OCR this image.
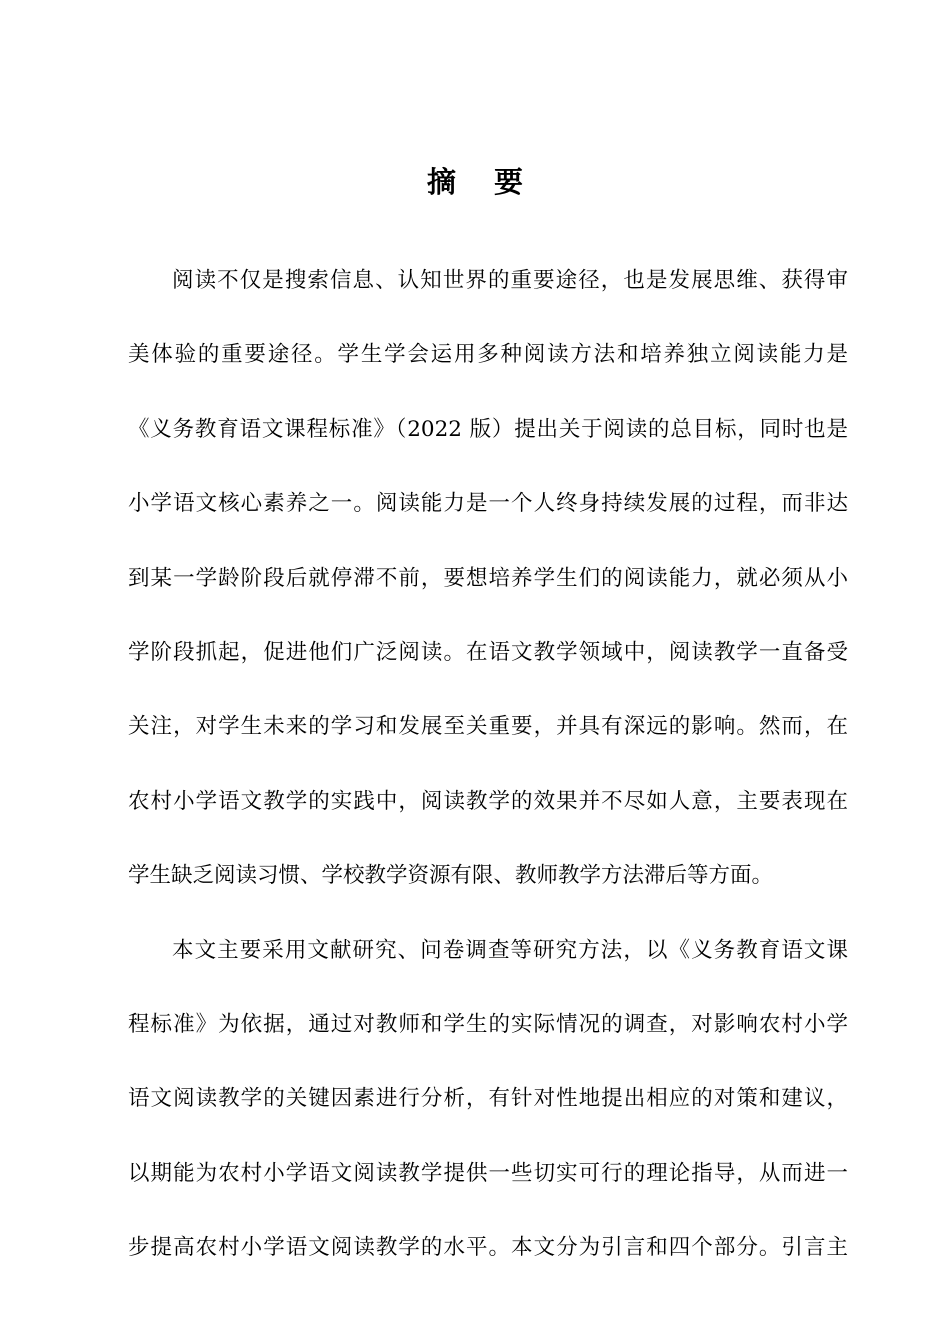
摘 要
阅读不仅是搜索信息、认知世界的重要途径，也是发展思维、获得审
美体验的重要途径。学生学会运用多种阅读方法和培养独立阅读能力是
《义务教育语文课程标准》（2022 版）提出关于阅读的总目标，同时也是
小学语文核心素养之一。阅读能力是一个人终身持续发展的过程，而非达
到某一学龄阶段后就停滞不前，要想培养学生们的阅读能力，就必须从小
学阶段抓起，促进他们广泛阅读。在语文教学领域中，阅读教学一直备受
关注，对学生未来的学习和发展至关重要，并具有深远的影响。然而，在
农村小学语文教学的实践中，阅读教学的效果并不尽如人意，主要表现在
学生缺乏阅读习惯、学校教学资源有限、教师教学方法滞后等方面。
本文主要采用文献研究、问卷调查等研究方法，以《义务教育语文课
程标准》为依据，通过对教师和学生的实际情况的调查，对影响农村小学
语文阅读教学的关键因素进行分析，有针对性地提出相应的对策和建议，
以期能为农村小学语文阅读教学提供一些切实可行的理论指导，从而进一
步提高农村小学语文阅读教学的水平。本文分为引言和四个部分。引言主
